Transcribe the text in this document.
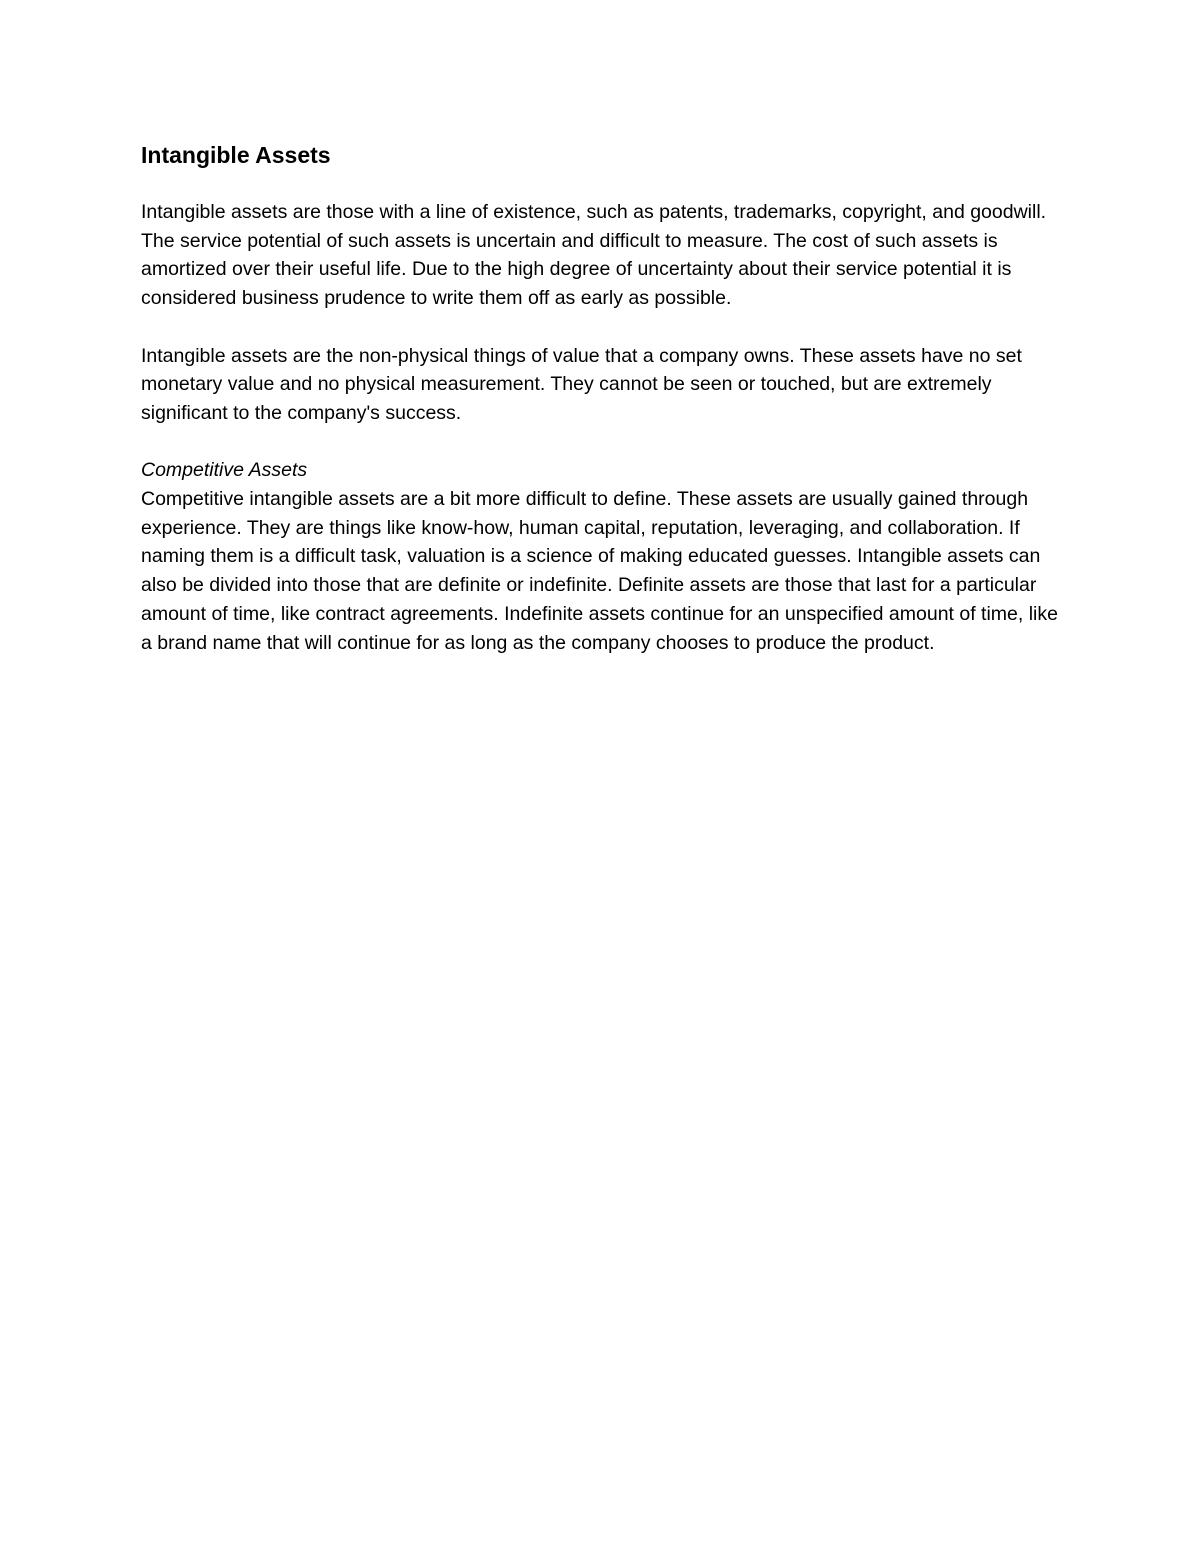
Intangible Assets

Intangible assets are those with a line of existence, such as patents, trademarks, copyright, and goodwill. The service potential of such assets is uncertain and difficult to measure. The cost of such assets is amortized over their useful life. Due to the high degree of uncertainty about their service potential it is considered business prudence to write them off as early as possible.

Intangible assets are the non-physical things of value that a company owns. These assets have no set monetary value and no physical measurement. They cannot be seen or touched, but are extremely significant to the company's success.

Competitive Assets

Competitive intangible assets are a bit more difficult to define. These assets are usually gained through experience. They are things like know-how, human capital, reputation, leveraging, and collaboration. If naming them is a difficult task, valuation is a science of making educated guesses. Intangible assets can also be divided into those that are definite or indefinite. Definite assets are those that last for a particular amount of time, like contract agreements. Indefinite assets continue for an unspecified amount of time, like a brand name that will continue for as long as the company chooses to produce the product.
